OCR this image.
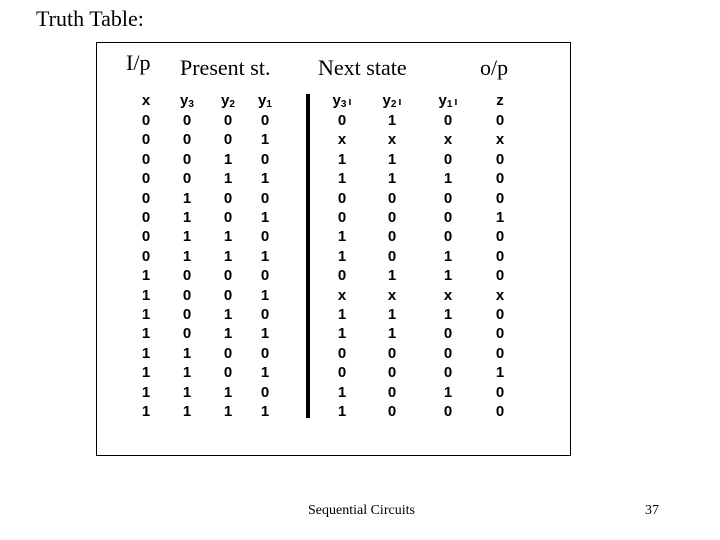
Truth Table:
I/p Present st. Next state	o/p
x	$y_3$	$y_2$	$y_1$	$y_3$ ı	$y_2$ ı	$y_1$ ı	z
0	0	0	0	0	1	0	0
0	0	0	1	x	x	x	x
0	0	1	0	1	1	0	0
0	0	1	1	1	1	1	0
0	1	0	0	0	0	0	0
0	1	0	1	0	0	0	1
0	1	1	0	1	0	0	0
0	1	1	1	1	0	1	0
1	0	0	0	0	1	1	0
1	0	0	1	x	x	x	x
1	0	1	0	1	1	1	0
1	0	1	1	1	1	0	0
1	1	0	0	0	0	0	0
1	1	0	1	0	0	0	1
1	1	1	0	1	0	1	0
1	1	1	1	1	0	0	0
Sequential Circuits	37
